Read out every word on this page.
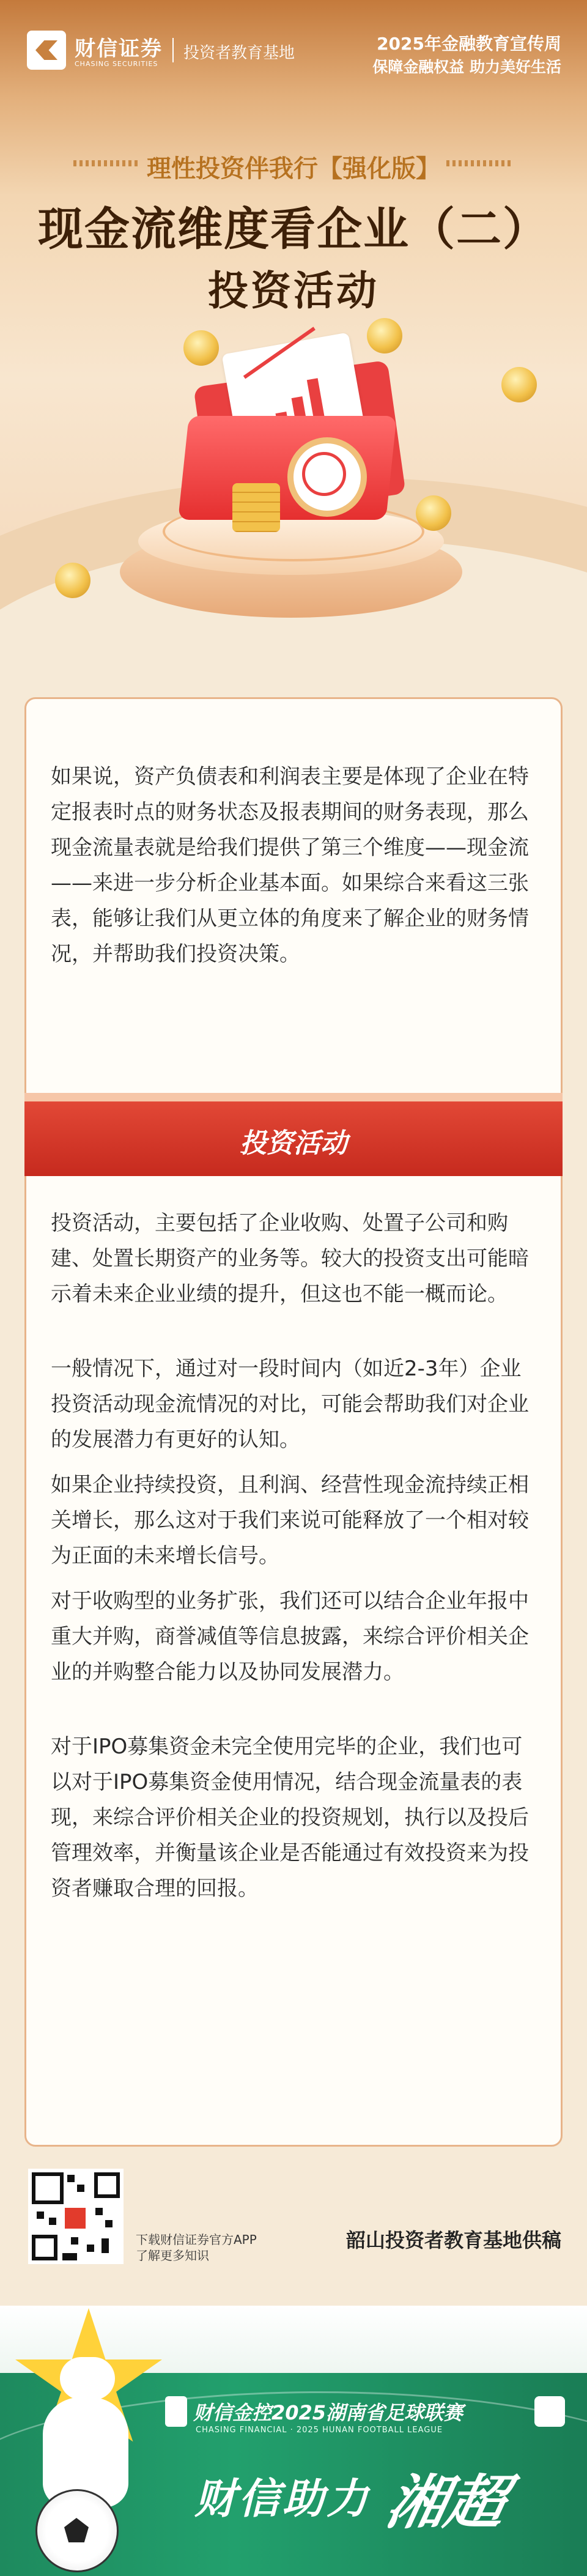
财信证券
CHASING SECURITIES
投资者教育基地	2025年金融教育宣传周
保障金融权益 助力美好生活
理性投资伴我行【强化版】
现金流维度看企业（二）
投资活动
如果说，资产负债表和利润表主要是体现了企业在特定报表时点的财务状态及报表期间的财务表现，那么现金流量表就是给我们提供了第三个维度——现金流——来进一步分析企业基本面。如果综合来看这三张表，能够让我们从更立体的角度来了解企业的财务情况，并帮助我们投资决策。
投资活动
投资活动，主要包括了企业收购、处置子公司和购建、处置长期资产的业务等。较大的投资支出可能暗示着未来企业业绩的提升，但这也不能一概而论。
一般情况下，通过对一段时间内（如近2-3年）企业投资活动现金流情况的对比，可能会帮助我们对企业的发展潜力有更好的认知。
如果企业持续投资，且利润、经营性现金流持续正相关增长，那么这对于我们来说可能释放了一个相对较为正面的未来增长信号。
对于收购型的业务扩张，我们还可以结合企业年报中重大并购，商誉减值等信息披露，来综合评价相关企业的并购整合能力以及协同发展潜力。
对于IPO募集资金未完全使用完毕的企业，我们也可以对于IPO募集资金使用情况，结合现金流量表的表现，来综合评价相关企业的投资规划，执行以及投后管理效率，并衡量该企业是否能通过有效投资来为投资者赚取合理的回报。
下载财信证券官方APP
了解更多知识
韶山投资者教育基地供稿
财信金控2025湖南省足球联赛
CHASING FINANCIAL · 2025 HUNAN FOOTBALL LEAGUE
财信助力 湘超
